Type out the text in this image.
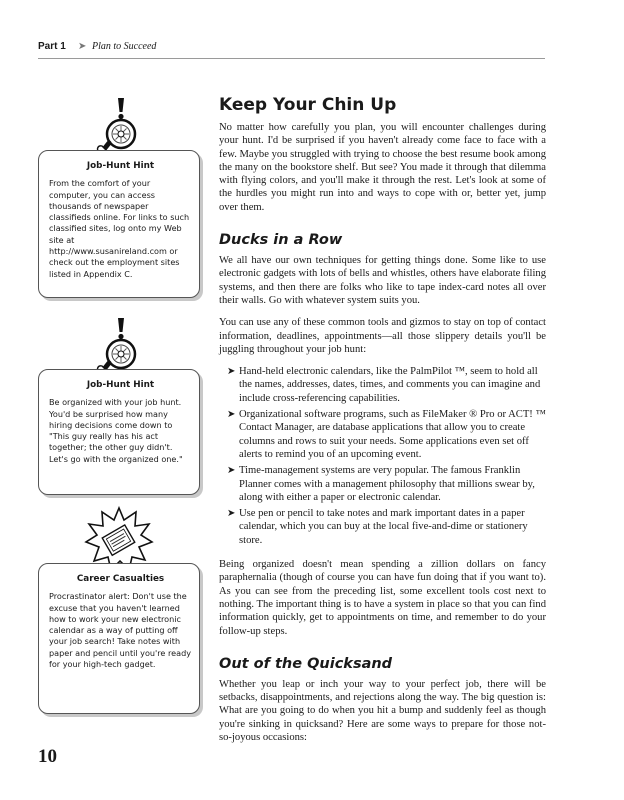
Part 1 ➤ Plan to Succeed
Job-Hunt Hint

From the comfort of your computer, you can access thousands of newspaper classifieds online. For links to such classified sites, log onto my Web site at http://www.susanireland.com or check out the employment sites listed in Appendix C.

Job-Hunt Hint

Be organized with your job hunt. You'd be surprised how many hiring decisions come down to "This guy really has his act together; the other guy didn't. Let's go with the organized one."

Career Casualties

Procrastinator alert: Don't use the excuse that you haven't learned how to work your new electronic calendar as a way of putting off your job search! Take notes with paper and pencil until you're ready for your high-tech gadget.

Keep Your Chin Up

No matter how carefully you plan, you will encounter challenges during your hunt. I'd be surprised if you haven't already come face to face with a few. Maybe you struggled with trying to choose the best resume book among the many on the bookstore shelf. But see? You made it through that dilemma with flying colors, and you'll make it through the rest. Let's look at some of the hurdles you might run into and ways to cope with or, better yet, jump over them.

Ducks in a Row

We all have our own techniques for getting things done. Some like to use electronic gadgets with lots of bells and whistles, others have elaborate filing systems, and then there are folks who like to tape index-card notes all over their walls. Go with whatever system suits you.

You can use any of these common tools and gizmos to stay on top of contact information, deadlines, appointments—all those slippery details you'll be juggling throughout your job hunt:

➤ Hand-held electronic calendars, like the PalmPilot ™, seem to hold all the names, addresses, dates, times, and comments you can imagine and include cross-referencing capabilities.
➤ Organizational software programs, such as FileMaker ® Pro or ACT! ™ Contact Manager, are database applications that allow you to create columns and rows to suit your needs. Some applications even set off alerts to remind you of an upcoming event.
➤ Time-management systems are very popular. The famous Franklin Planner comes with a management philosophy that millions swear by, along with either a paper or electronic calendar.
➤ Use pen or pencil to take notes and mark important dates in a paper calendar, which you can buy at the local five-and-dime or stationery store.

Being organized doesn't mean spending a zillion dollars on fancy paraphernalia (though of course you can have fun doing that if you want to). As you can see from the preceding list, some excellent tools cost next to nothing. The important thing is to have a system in place so that you can find information quickly, get to appointments on time, and remember to do your follow-up steps.

Out of the Quicksand

Whether you leap or inch your way to your perfect job, there will be setbacks, disappointments, and rejections along the way. The big question is: What are you going to do when you hit a bump and suddenly feel as though you're sinking in quicksand? Here are some ways to prepare for those not-so-joyous occasions:

10
